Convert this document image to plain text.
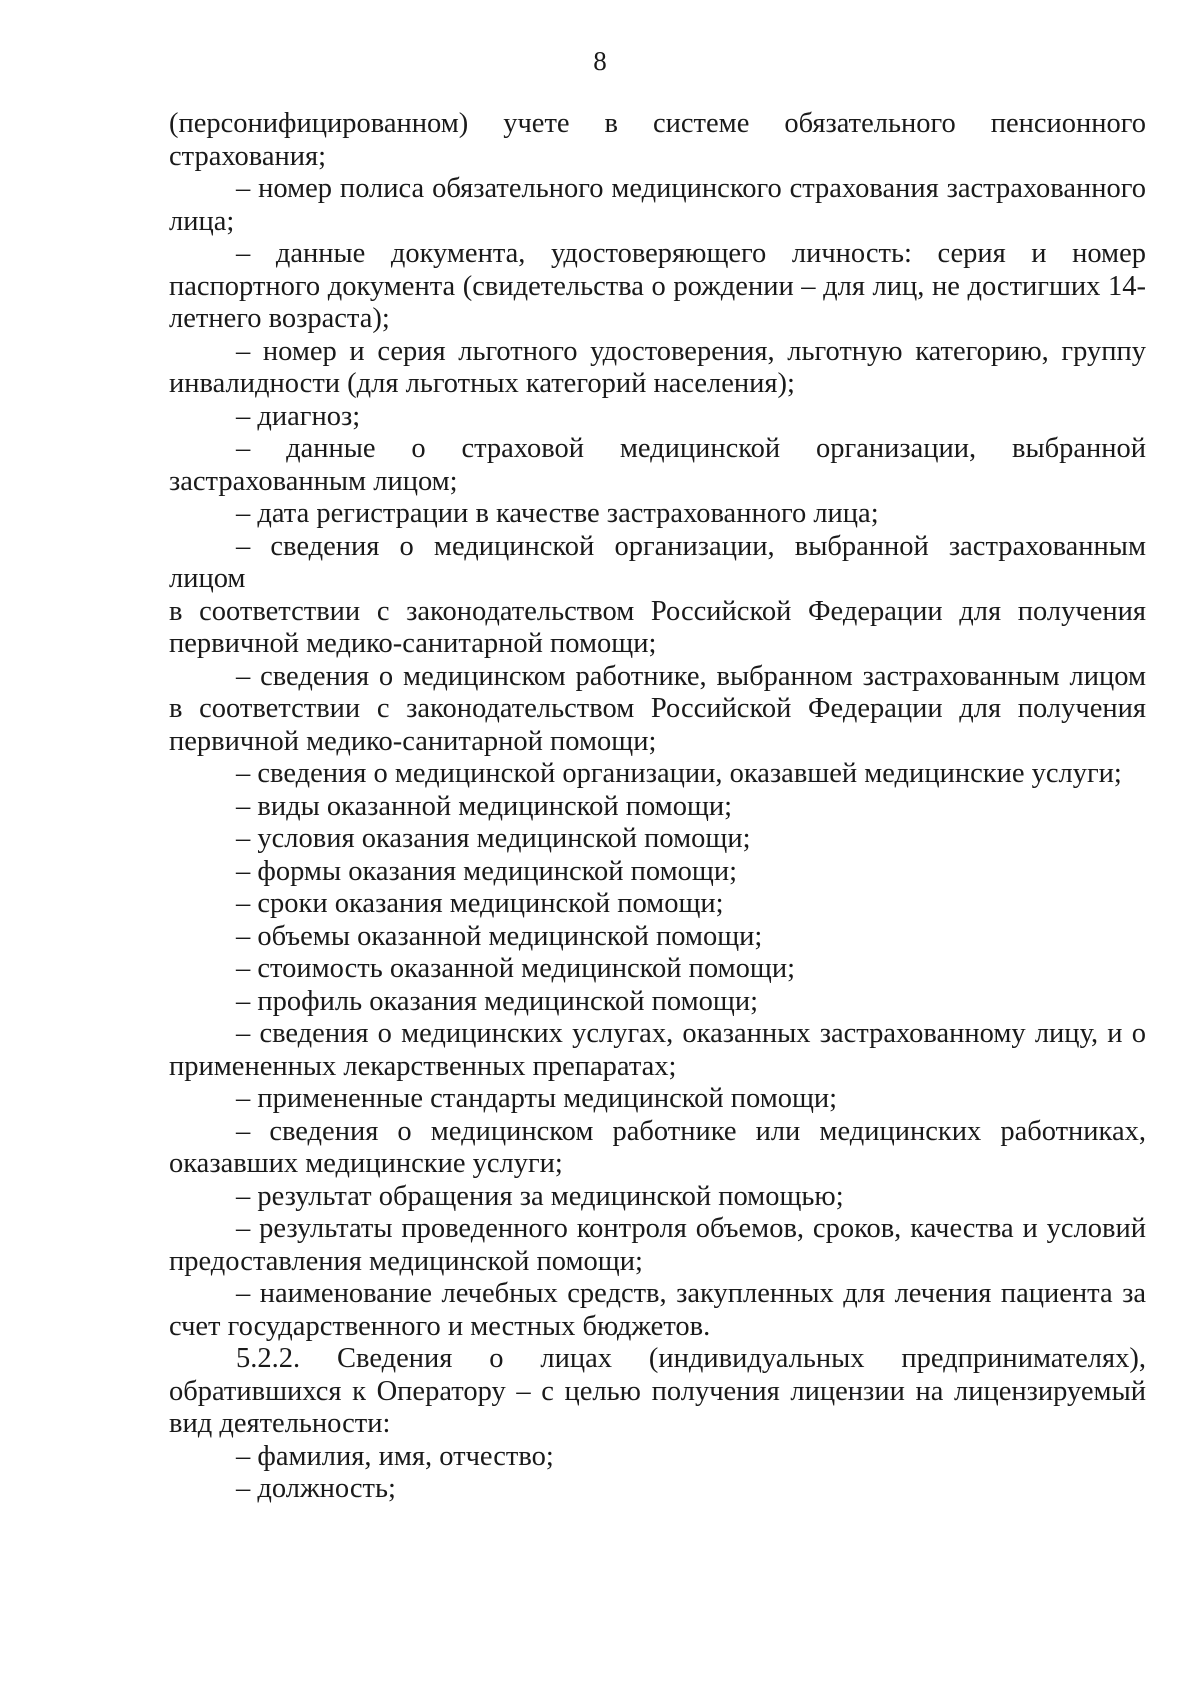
8

(персонифицированном) учете в системе обязательного пенсионного страхования;

– номер полиса обязательного медицинского страхования застрахованного лица;

– данные документа, удостоверяющего личность: серия и номер паспортного документа (свидетельства о рождении – для лиц, не достигших 14-летнего возраста);

– номер и серия льготного удостоверения, льготную категорию, группу инвалидности (для льготных категорий населения);

– диагноз;

– данные о страховой медицинской организации, выбранной застрахованным лицом;

– дата регистрации в качестве застрахованного лица;

– сведения о медицинской организации, выбранной застрахованным лицом

в соответствии с законодательством Российской Федерации для получения первичной медико-санитарной помощи;

– сведения о медицинском работнике, выбранном застрахованным лицом в соответствии с законодательством Российской Федерации для получения первичной медико-санитарной помощи;

– сведения о медицинской организации, оказавшей медицинские услуги;

– виды оказанной медицинской помощи;

– условия оказания медицинской помощи;

– формы оказания медицинской помощи;

– сроки оказания медицинской помощи;

– объемы оказанной медицинской помощи;

– стоимость оказанной медицинской помощи;

– профиль оказания медицинской помощи;

– сведения о медицинских услугах, оказанных застрахованному лицу, и о примененных лекарственных препаратах;

– примененные стандарты медицинской помощи;

– сведения о медицинском работнике или медицинских работниках, оказавших медицинские услуги;

– результат обращения за медицинской помощью;

– результаты проведенного контроля объемов, сроков, качества и условий предоставления медицинской помощи;

– наименование лечебных средств, закупленных для лечения пациента за счет государственного и местных бюджетов.

5.2.2. Сведения о лицах (индивидуальных предпринимателях), обратившихся к Оператору – с целью получения лицензии на лицензируемый вид деятельности:

– фамилия, имя, отчество;

– должность;
